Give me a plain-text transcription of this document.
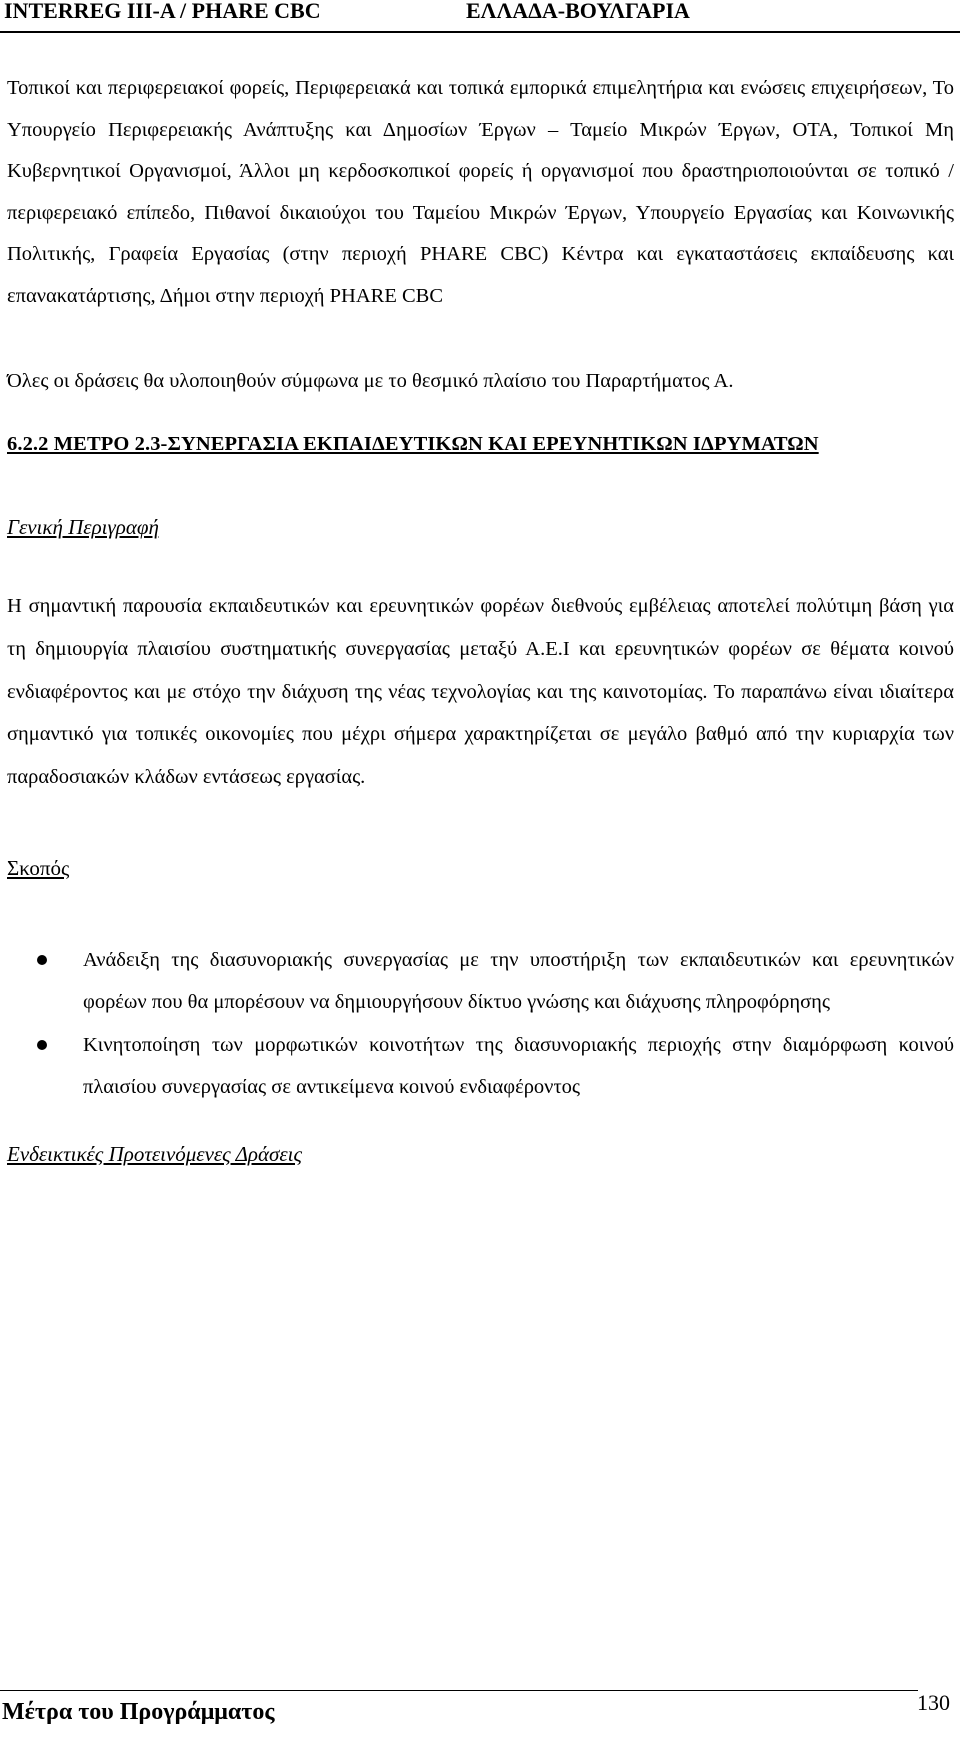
INTERREG III-A / PHARE CBC	ΕΛΛΑΔΑ-ΒΟΥΛΓΑΡΙΑ

Τοπικοί και περιφερειακοί φορείς, Περιφερειακά και τοπικά εμπορικά επιμελητήρια και ενώσεις επιχειρήσεων, Το Υπουργείο Περιφερειακής Ανάπτυξης και Δημοσίων Έργων – Ταμείο Μικρών Έργων, ΟΤΑ, Τοπικοί Μη Κυβερνητικοί Οργανισμοί, Άλλοι μη κερδοσκοπικοί φορείς ή οργανισμοί που δραστηριοποιούνται σε τοπικό / περιφερειακό επίπεδο, Πιθανοί δικαιούχοι του Ταμείου Μικρών Έργων, Υπουργείο Εργασίας και Κοινωνικής Πολιτικής, Γραφεία Εργασίας (στην περιοχή PHARE CBC) Κέντρα και εγκαταστάσεις εκπαίδευσης και επανακατάρτισης, Δήμοι στην περιοχή PHARE CBC

Όλες οι δράσεις θα υλοποιηθούν σύμφωνα με το θεσμικό πλαίσιο του Παραρτήματος Α.

6.2.2 ΜΕΤΡΟ 2.3-ΣΥΝΕΡΓΑΣΙΑ ΕΚΠΑΙΔΕΥΤΙΚΩΝ ΚΑΙ ΕΡΕΥΝΗΤΙΚΩΝ ΙΔΡΥΜΑΤΩΝ
Γενική Περιγραφή

Η σημαντική παρουσία εκπαιδευτικών και ερευνητικών φορέων διεθνούς εμβέλειας αποτελεί πολύτιμη βάση για τη δημιουργία πλαισίου συστηματικής συνεργασίας μεταξύ Α.Ε.Ι και ερευνητικών φορέων σε θέματα κοινού ενδιαφέροντος και με στόχο την διάχυση της νέας τεχνολογίας και της καινοτομίας. Το παραπάνω είναι ιδιαίτερα σημαντικό για τοπικές οικονομίες που μέχρι σήμερα χαρακτηρίζεται σε μεγάλο βαθμό από την κυριαρχία των παραδοσιακών κλάδων εντάσεως εργασίας.

Σκοπός
Ανάδειξη της διασυνοριακής συνεργασίας με την υποστήριξη των εκπαιδευτικών και ερευνητικών φορέων που θα μπορέσουν να δημιουργήσουν δίκτυο γνώσης και διάχυσης πληροφόρησης
Κινητοποίηση των μορφωτικών κοινοτήτων της διασυνοριακής περιοχής στην διαμόρφωση κοινού πλαισίου συνεργασίας σε αντικείμενα κοινού ενδιαφέροντος
Ενδεικτικές Προτεινόμενες Δράσεις
Μέτρα του Προγράμματος	130
